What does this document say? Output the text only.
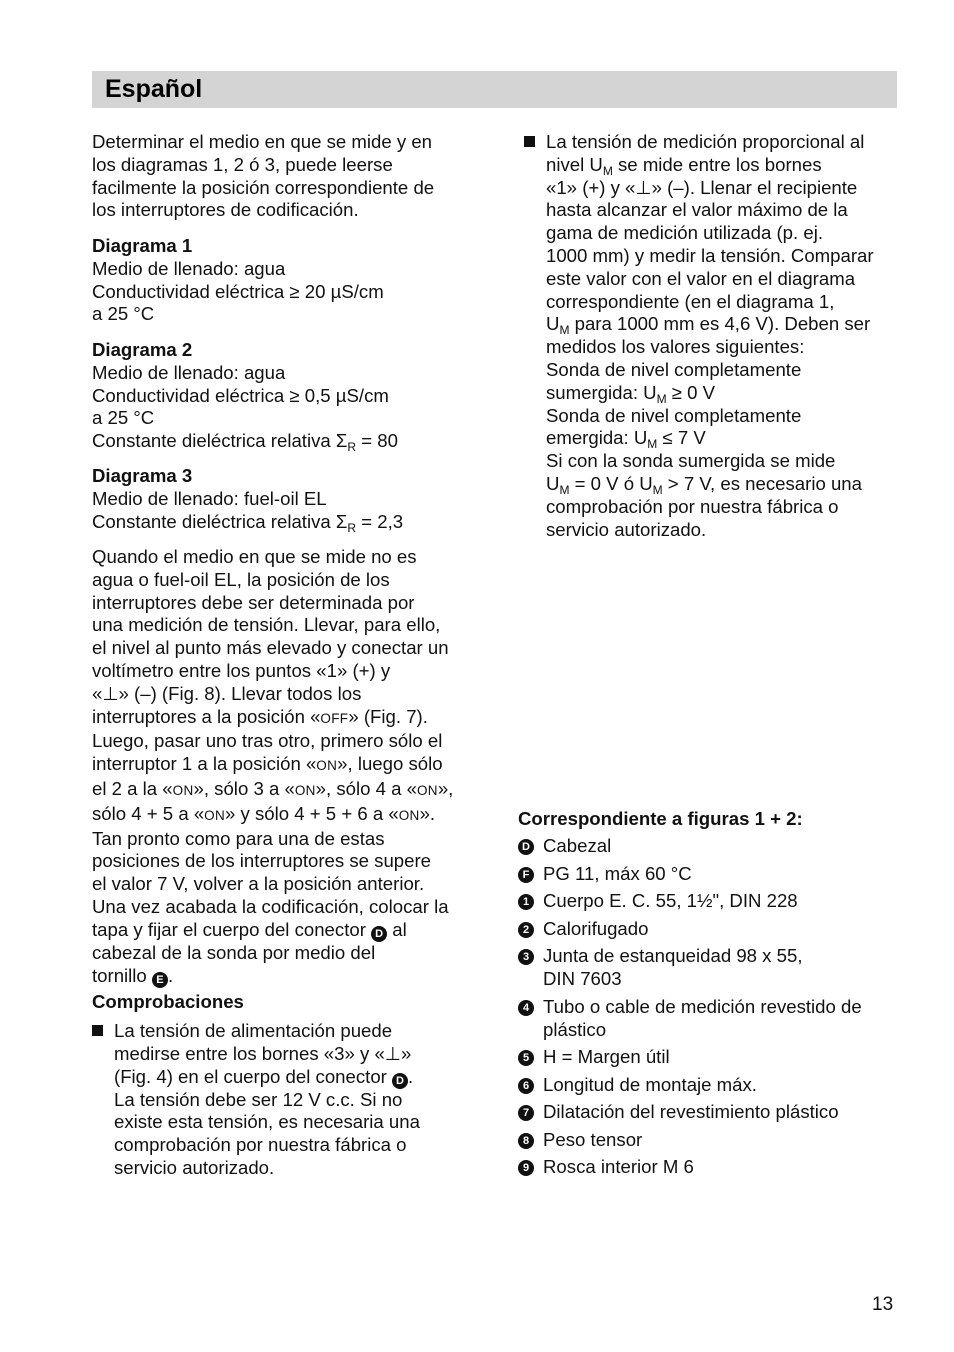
Español

Determinar el medio en que se mide y en

los diagramas 1, 2 ó 3, puede leerse

facilmente la posición correspondiente de

los interruptores de codificación.

Diagrama 1

Medio de llenado: agua

Conductividad eléctrica ≥ 20 µS/cm

a 25 °C

Diagrama 2

Medio de llenado: agua

Conductividad eléctrica ≥ 0,5 µS/cm

a 25 °C

Constante dieléctrica relativa $\Sigma_R = 80$

Diagrama 3

Medio de llenado: fuel-oil EL

Constante dieléctrica relativa $\Sigma_R = 2,3$

Quando el medio en que se mide no es

agua o fuel-oil EL, la posición de los

interruptores debe ser determinada por

una medición de tensión. Llevar, para ello,

el nivel al punto más elevado y conectar un

voltímetro entre los puntos «1» (+) y

«⊥» (–) (Fig. 8). Llevar todos los

interruptores a la posición «OFF» (Fig. 7).

Luego, pasar uno tras otro, primero sólo el

interruptor 1 a la posición «ON», luego sólo

el 2 a la «ON», sólo 3 a «ON», sólo 4 a «ON»,

sólo 4 + 5 a «ON» y sólo 4 + 5 + 6 a «ON».

Tan pronto como para una de estas

posiciones de los interruptores se supere

el valor 7 V, volver a la posición anterior.

Una vez acabada la codificación, colocar la

tapa y fijar el cuerpo del conector D al

cabezal de la sonda por medio del

tornillo E .

Comprobaciones

La tensión de alimentación puede

medirse entre los bornes «3» y «⊥»

(Fig. 4) en el cuerpo del conector D .

La tensión debe ser 12 V c.c. Si no

existe esta tensión, es necesaria una

comprobación por nuestra fábrica o

servicio autorizado.

La tensión de medición proporcional al

nivel $U_M$ se mide entre los bornes

«1» (+) y «⊥» (–). Llenar el recipiente

hasta alcanzar el valor máximo de la

gama de medición utilizada (p. ej.

1000 mm) y medir la tensión. Comparar

este valor con el valor en el diagrama

correspondiente (en el diagrama 1,

$U_M$ para 1000 mm es 4,6 V). Deben ser

medidos los valores siguientes:

Sonda de nivel completamente

sumergida: $U_M \ge 0$ V

Sonda de nivel completamente

emergida: $U_M \le 7$ V

Si con la sonda sumergida se mide

$U_M = 0$ V ó $U_M > 7$ V, es necesario una

comprobación por nuestra fábrica o

servicio autorizado.

Correspondiente a figuras 1 + 2:

D Cabezal
F PG 11, máx 60 °C
1 Cuerpo E. C. 55, 1½", DIN 228
2 Calorifugado
3 Junta de estanqueidad 98 x 55,
DIN 7603
4 Tubo o cable de medición revestido de
plástico
5 H = Margen útil
6 Longitud de montaje máx.
7 Dilatación del revestimiento plástico
8 Peso tensor
9 Rosca interior M 6
13
